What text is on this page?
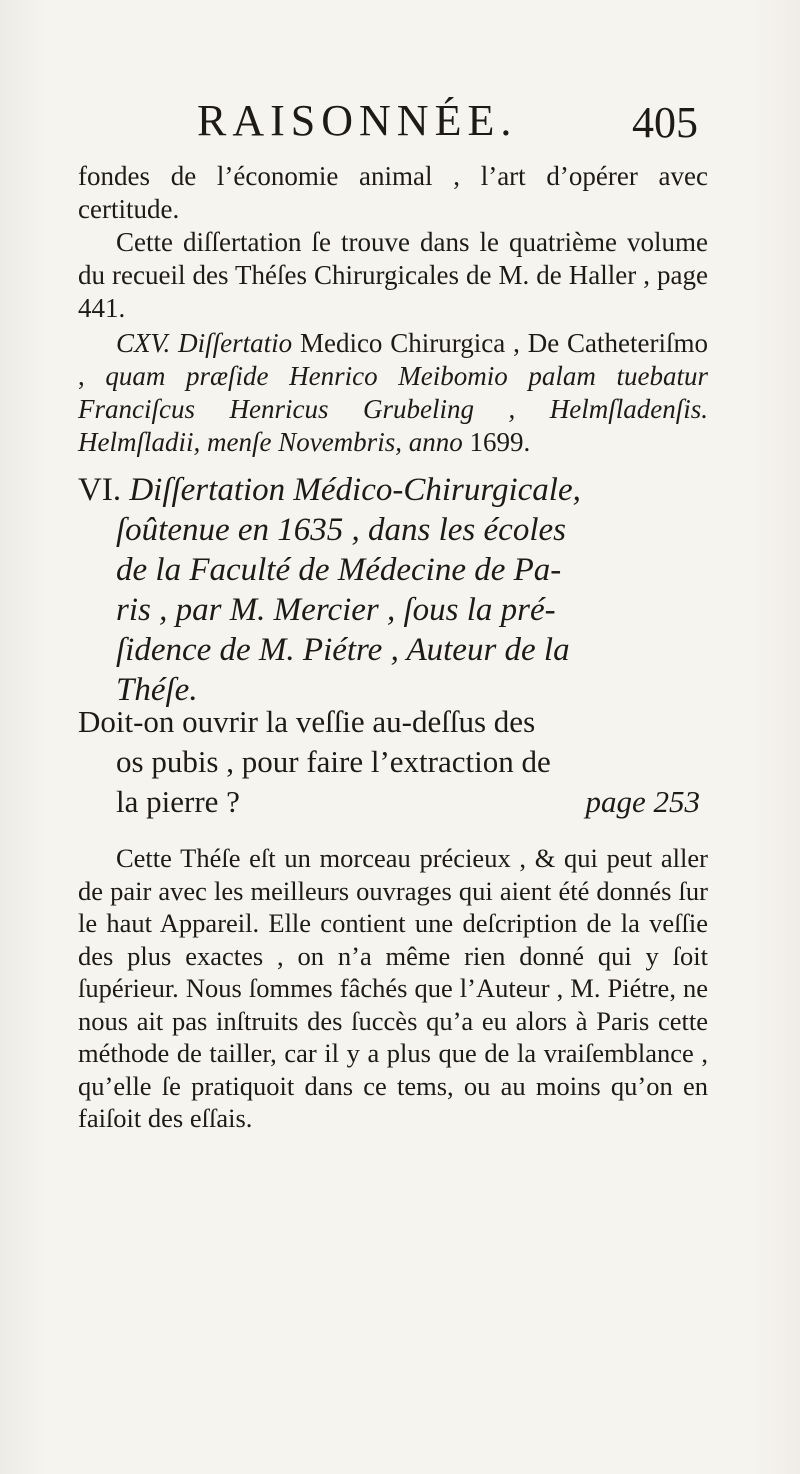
RAISONNÉE.	405
fondes de l’économie animal , l’art d’opérer avec certitude.
Cette diſſertation ſe trouve dans le quatrième volume du recueil des Théſes Chirurgicales de M. de Haller , page 441.
CXV. Diſſertatio Medico Chirurgica , De Catheteriſmo , quam præſide Henrico Meibomio palam tuebatur Franciſcus Henricus Grubeling , Helmſladenſis. Helmſladii, menſe Novembris, anno 1699.
VI. Diſſertation Médico-Chirurgicale,
ſoûtenue en 1635 , dans les écoles
de la Faculté de Médecine de Pa-
ris , par M. Mercier , ſous la pré-
ſidence de M. Piétre , Auteur de la
Théſe.
Doit-on ouvrir la veſſie au-deſſus des
os pubis , pour faire l’extraction de
la pierre ?	page 253
Cette Théſe eſt un morceau précieux , & qui peut aller de pair avec les meilleurs ouvrages qui aient été donnés ſur le haut Appareil. Elle contient une deſcription de la veſſie des plus exactes , on n’a même rien donné qui y ſoit ſupérieur. Nous ſommes fâchés que l’Auteur , M. Piétre, ne nous ait pas inſtruits des ſuccès qu’a eu alors à Paris cette méthode de tailler, car il y a plus que de la vraiſemblance , qu’elle ſe pratiquoit dans ce tems, ou au moins qu’on en faiſoit des eſſais.
